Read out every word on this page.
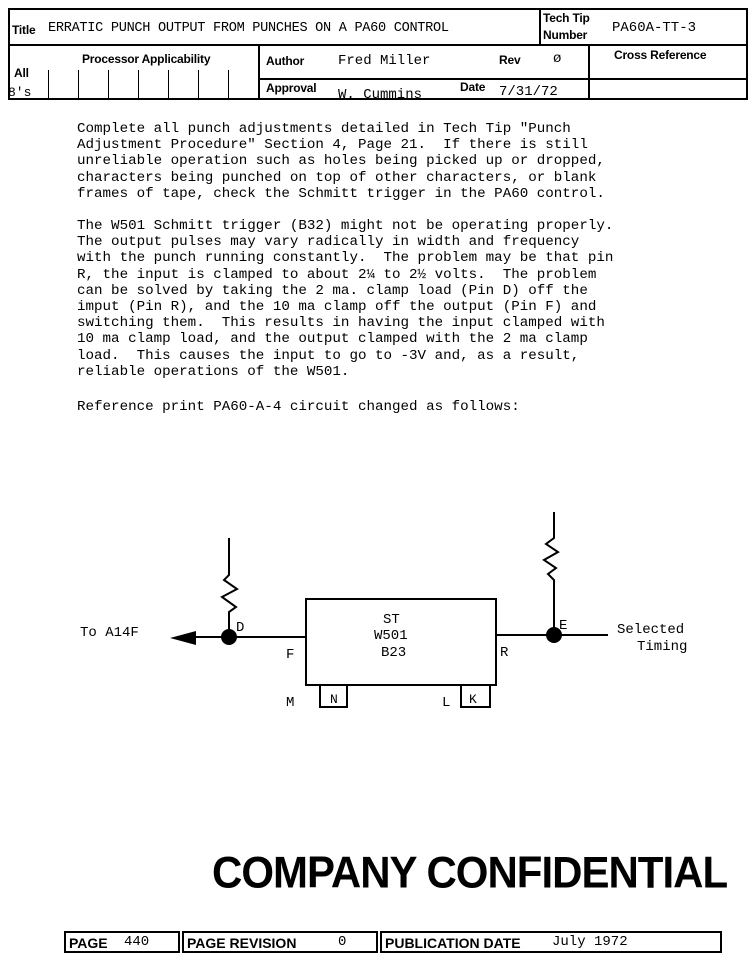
Title ERRATIC PUNCH OUTPUT FROM PUNCHES ON A PA60 CONTROL
Tech Tip
Number PA60A-TT-3
Processor Applicability
All
8's
Author Fred Miller	Rev ø	Cross Reference
Approval W. Cummins	Date 7/31/72
Complete all punch adjustments detailed in Tech Tip "Punch
Adjustment Procedure" Section 4, Page 21.  If there is still
unreliable operation such as holes being picked up or dropped,
characters being punched on top of other characters, or blank
frames of tape, check the Schmitt trigger in the PA60 control.
The W501 Schmitt trigger (B32) might not be operating properly.
The output pulses may vary radically in width and frequency
with the punch running constantly.  The problem may be that pin
R, the input is clamped to about 2¼ to 2½ volts.  The problem
can be solved by taking the 2 ma. clamp load (Pin D) off the
imput (Pin R), and the 10 ma clamp off the output (Pin F) and
switching them.  This results in having the input clamped with
10 ma clamp load, and the output clamped with the 2 ma clamp
load.  This causes the input to go to -3V and, as a result,
reliable operations of the W501.
Reference print PA60-A-4 circuit changed as follows:
To A14F	D
F
M	N	L K
R
E
ST
W501
B23
Selected
Timing
COMPANY CONFIDENTIAL
PAGE 440	PAGE REVISION	0	PUBLICATION DATE July 1972
